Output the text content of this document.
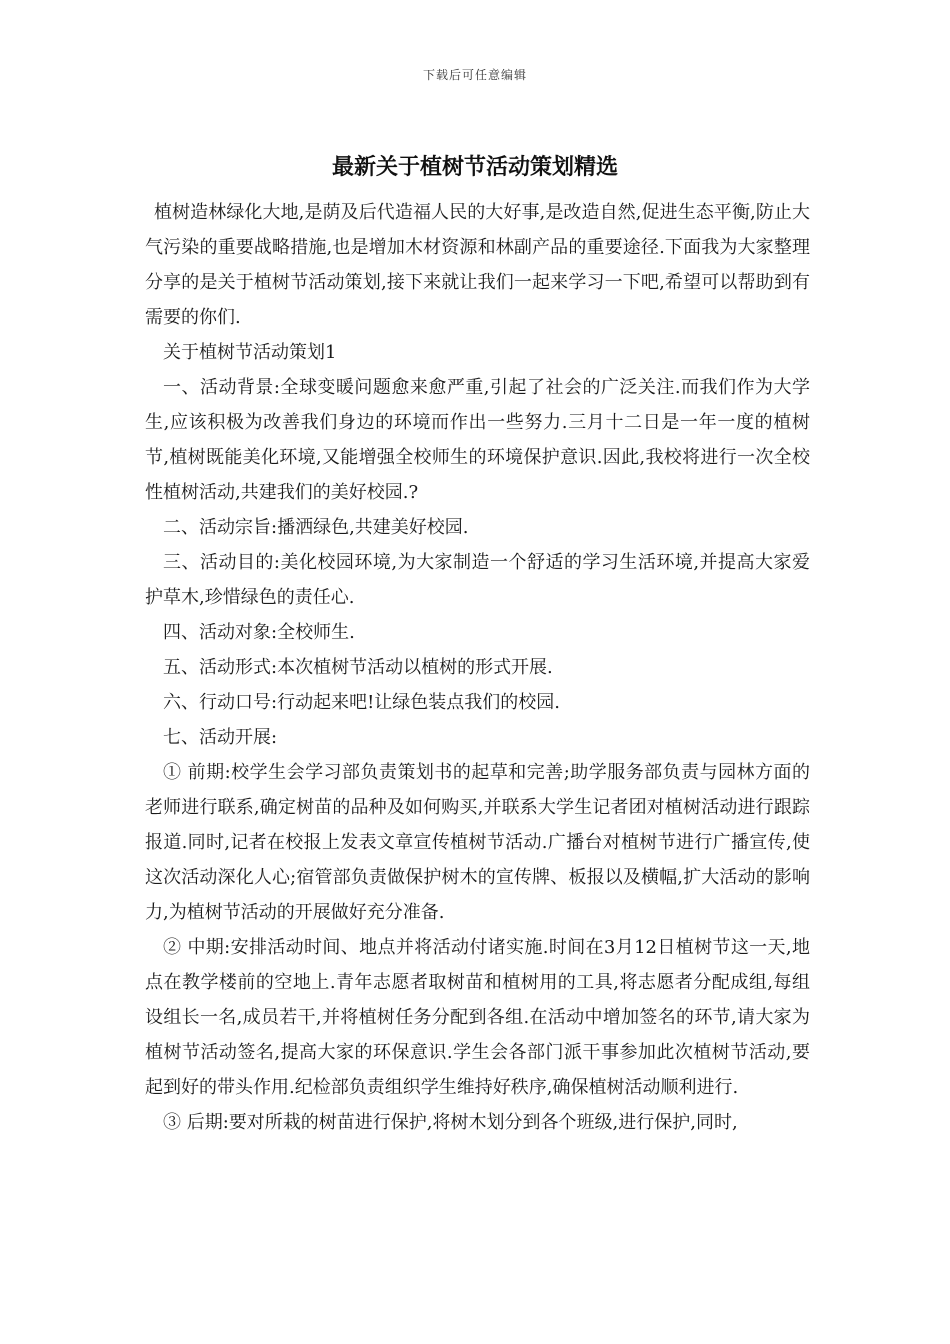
下载后可任意编辑
最新关于植树节活动策划精选

植树造林绿化大地,是荫及后代造福人民的大好事,是改造自然,促进生态平衡,防止大气污染的重要战略措施,也是增加木材资源和林副产品的重要途径.下面我为大家整理分享的是关于植树节活动策划,接下来就让我们一起来学习一下吧,希望可以帮助到有需要的你们.

关于植树节活动策划1

一、活动背景:全球变暖问题愈来愈严重,引起了社会的广泛关注.而我们作为大学生,应该积极为改善我们身边的环境而作出一些努力.三月十二日是一年一度的植树节,植树既能美化环境,又能增强全校师生的环境保护意识.因此,我校将进行一次全校性植树活动,共建我们的美好校园.?

二、活动宗旨:播洒绿色,共建美好校园.

三、活动目的:美化校园环境,为大家制造一个舒适的学习生活环境,并提高大家爱护草木,珍惜绿色的责任心.

四、活动对象:全校师生.

五、活动形式:本次植树节活动以植树的形式开展.

六、行动口号:行动起来吧!让绿色装点我们的校园.

七、活动开展:

① 前期:校学生会学习部负责策划书的起草和完善;助学服务部负责与园林方面的老师进行联系,确定树苗的品种及如何购买,并联系大学生记者团对植树活动进行跟踪报道.同时,记者在校报上发表文章宣传植树节活动.广播台对植树节进行广播宣传,使这次活动深化人心;宿管部负责做保护树木的宣传牌、板报以及横幅,扩大活动的影响力,为植树节活动的开展做好充分准备.

② 中期:安排活动时间、地点并将活动付诸实施.时间在3月12日植树节这一天,地点在教学楼前的空地上.青年志愿者取树苗和植树用的工具,将志愿者分配成组,每组设组长一名,成员若干,并将植树任务分配到各组.在活动中增加签名的环节,请大家为植树节活动签名,提高大家的环保意识.学生会各部门派干事参加此次植树节活动,要起到好的带头作用.纪检部负责组织学生维持好秩序,确保植树活动顺利进行.

③ 后期:要对所栽的树苗进行保护,将树木划分到各个班级,进行保护,同时,
